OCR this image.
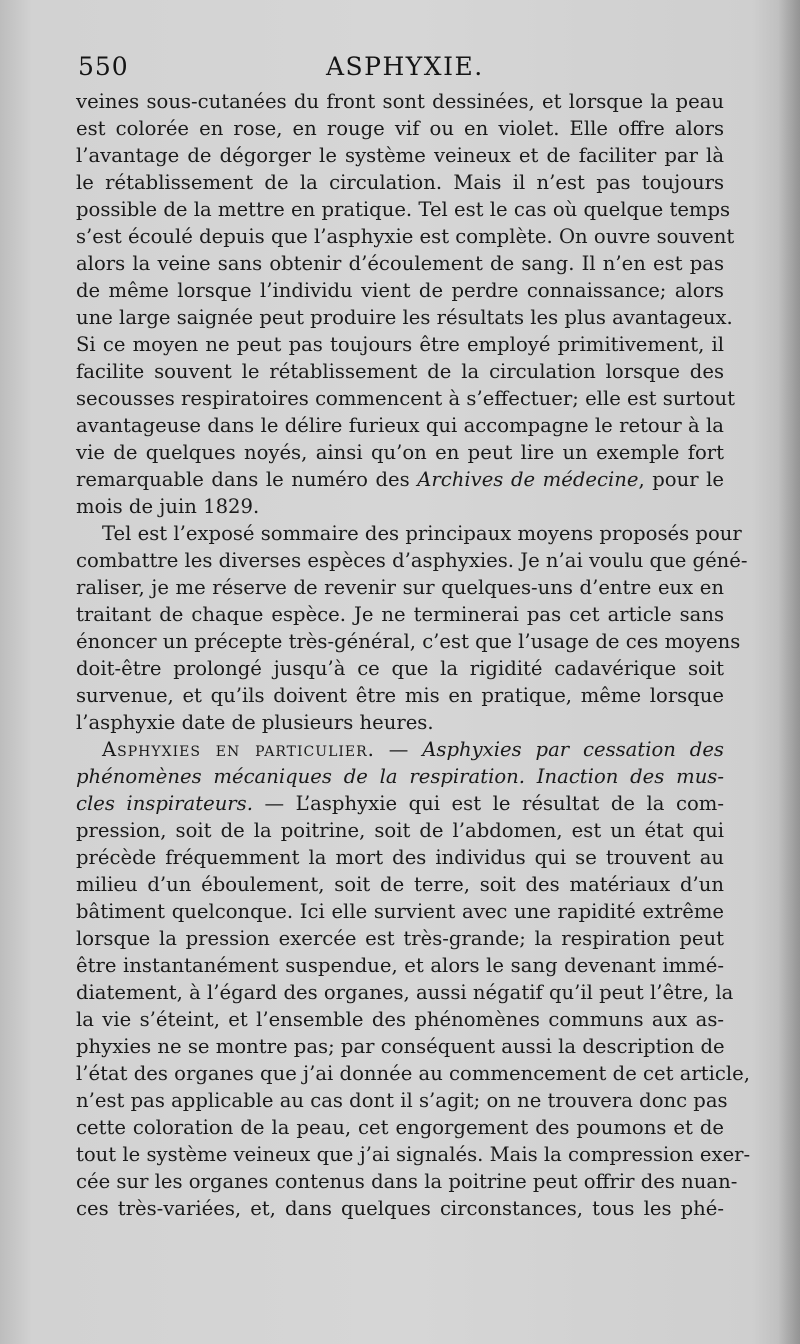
550	ASPHYXIE.
veines sous-cutanées du front sont dessinées, et lorsque la peau
est colorée en rose, en rouge vif ou en violet. Elle offre alors
l’avantage de dégorger le système veineux et de faciliter par là
le rétablissement de la circulation. Mais il n’est pas toujours
possible de la mettre en pratique. Tel est le cas où quelque temps
s’est écoulé depuis que l’asphyxie est complète. On ouvre souvent
alors la veine sans obtenir d’écoulement de sang. Il n’en est pas
de même lorsque l’individu vient de perdre connaissance; alors
une large saignée peut produire les résultats les plus avantageux.
Si ce moyen ne peut pas toujours être employé primitivement, il
facilite souvent le rétablissement de la circulation lorsque des
secousses respiratoires commencent à s’effectuer; elle est surtout
avantageuse dans le délire furieux qui accompagne le retour à la
vie de quelques noyés, ainsi qu’on en peut lire un exemple fort
remarquable dans le numéro des Archives de médecine, pour le
mois de juin 1829.
Tel est l’exposé sommaire des principaux moyens proposés pour
combattre les diverses espèces d’asphyxies. Je n’ai voulu que géné-
raliser, je me réserve de revenir sur quelques-uns d’entre eux en
traitant de chaque espèce. Je ne terminerai pas cet article sans
énoncer un précepte très-général, c’est que l’usage de ces moyens
doit-être prolongé jusqu’à ce que la rigidité cadavérique soit
survenue, et qu’ils doivent être mis en pratique, même lorsque
l’asphyxie date de plusieurs heures.
Asphyxies en particulier. — Asphyxies par cessation des
phénomènes mécaniques de la respiration. Inaction des mus-
cles inspirateurs. — L’asphyxie qui est le résultat de la com-
pression, soit de la poitrine, soit de l’abdomen, est un état qui
précède fréquemment la mort des individus qui se trouvent au
milieu d’un éboulement, soit de terre, soit des matériaux d’un
bâtiment quelconque. Ici elle survient avec une rapidité extrême
lorsque la pression exercée est très-grande; la respiration peut
être instantanément suspendue, et alors le sang devenant immé-
diatement, à l’égard des organes, aussi négatif qu’il peut l’être, la
la vie s’éteint, et l’ensemble des phénomènes communs aux as-
phyxies ne se montre pas; par conséquent aussi la description de
l’état des organes que j’ai donnée au commencement de cet article,
n’est pas applicable au cas dont il s’agit; on ne trouvera donc pas
cette coloration de la peau, cet engorgement des poumons et de
tout le système veineux que j’ai signalés. Mais la compression exer-
cée sur les organes contenus dans la poitrine peut offrir des nuan-
ces très-variées, et, dans quelques circonstances, tous les phé-
